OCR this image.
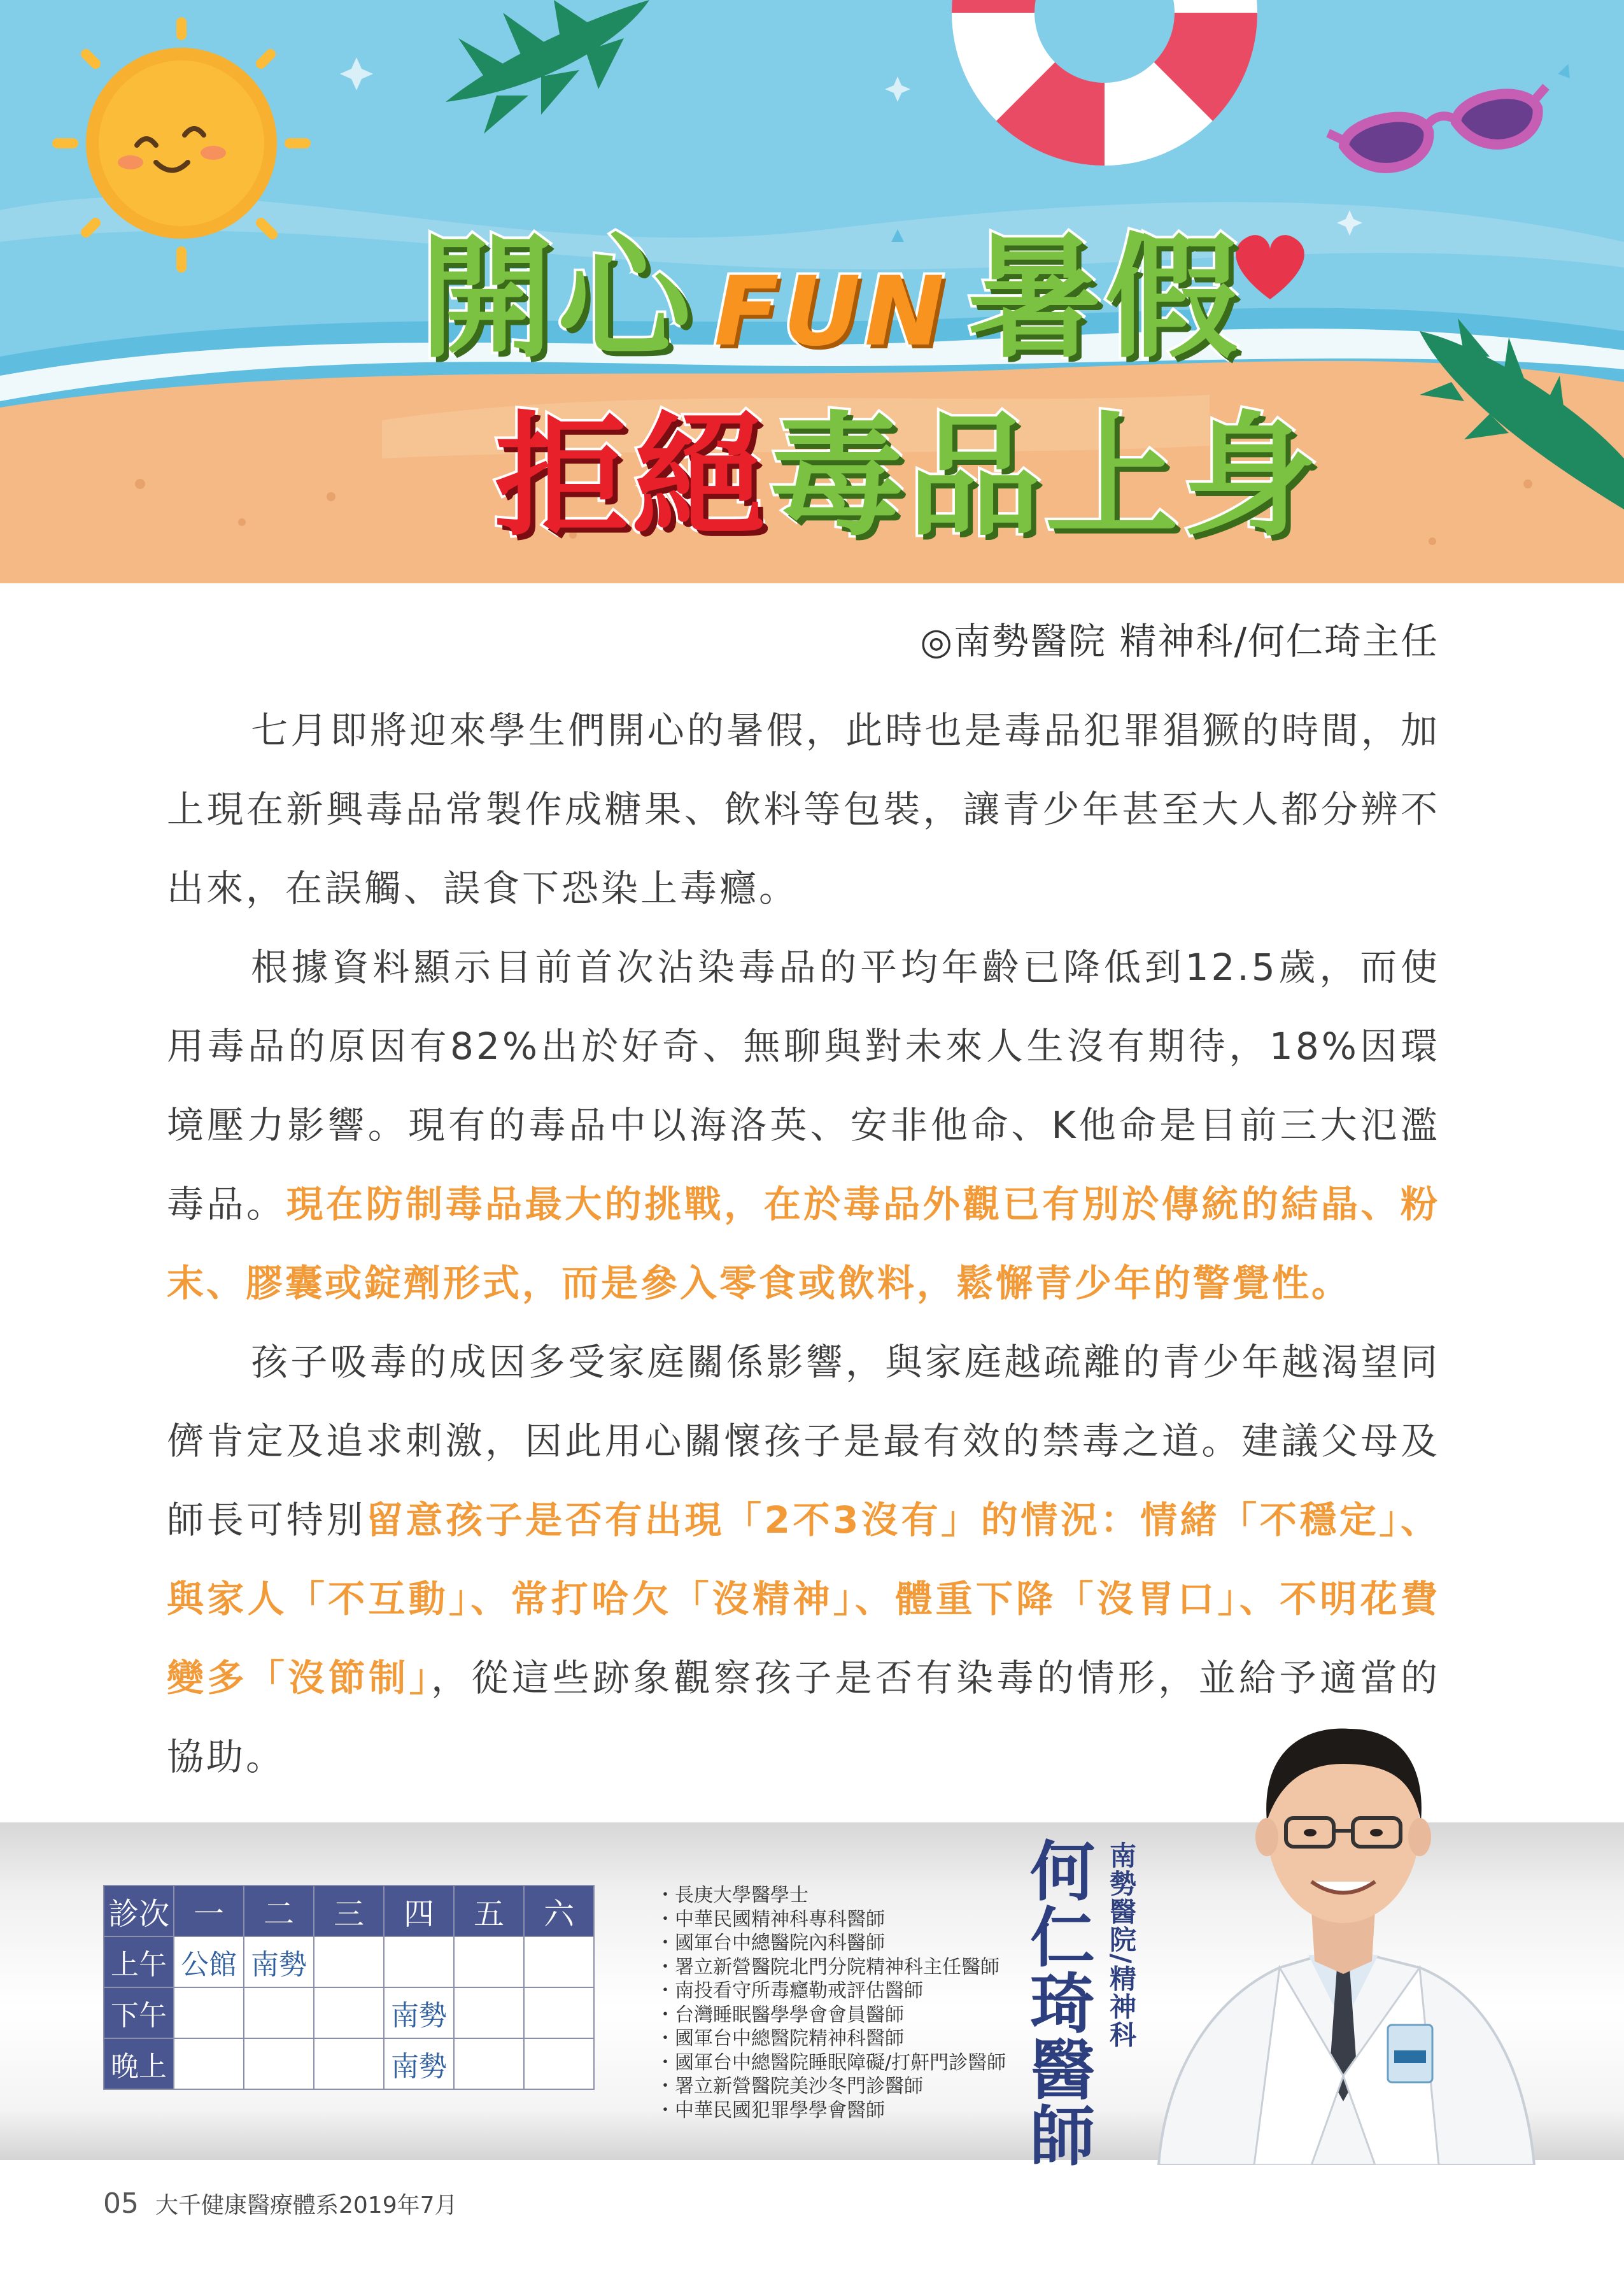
開心 FUN 暑假
拒絕 毒品上身
◎南勢醫院 精神科/何仁琦主任

七月即將迎來學生們開心的暑假，此時也是毒品犯罪猖獗的時間，加上現在新興毒品常製作成糖果、飲料等包裝，讓青少年甚至大人都分辨不出來，在誤觸、誤食下恐染上毒癮。

根據資料顯示目前首次沾染毒品的平均年齡已降低到12.5歲，而使用毒品的原因有82%出於好奇、無聊與對未來人生沒有期待，18%因環境壓力影響。現有的毒品中以海洛英、安非他命、K他命是目前三大氾濫毒品。現在防制毒品最大的挑戰，在於毒品外觀已有別於傳統的結晶、粉末、膠囊或錠劑形式，而是參入零食或飲料，鬆懈青少年的警覺性。

孩子吸毒的成因多受家庭關係影響，與家庭越疏離的青少年越渴望同儕肯定及追求刺激，因此用心關懷孩子是最有效的禁毒之道。建議父母及師長可特別留意孩子是否有出現「2不3沒有」的情況：情緒「不穩定」、與家人「不互動」、常打哈欠「沒精神」、體重下降「沒胃口」、不明花費變多「沒節制」，從這些跡象觀察孩子是否有染毒的情形，並給予適當的協助。

診次	一	二	三	四	五	六
上午	公館	南勢				
下午				南勢		
晚上				南勢		
・ 長庚大學醫學士
・ 中華民國精神科專科醫師
・ 國軍台中總醫院內科醫師
・ 署立新營醫院北門分院精神科主任醫師
・ 南投看守所毒癮勒戒評估醫師
・ 台灣睡眠醫學學會會員醫師
・ 國軍台中總醫院精神科醫師
・ 國軍台中總醫院睡眠障礙/打鼾門診醫師
・ 署立新營醫院美沙冬門診醫師
・ 中華民國犯罪學學會醫師	何仁琦醫師 南勢醫院/精神科
05 大千健康醫療體系2019年7月
